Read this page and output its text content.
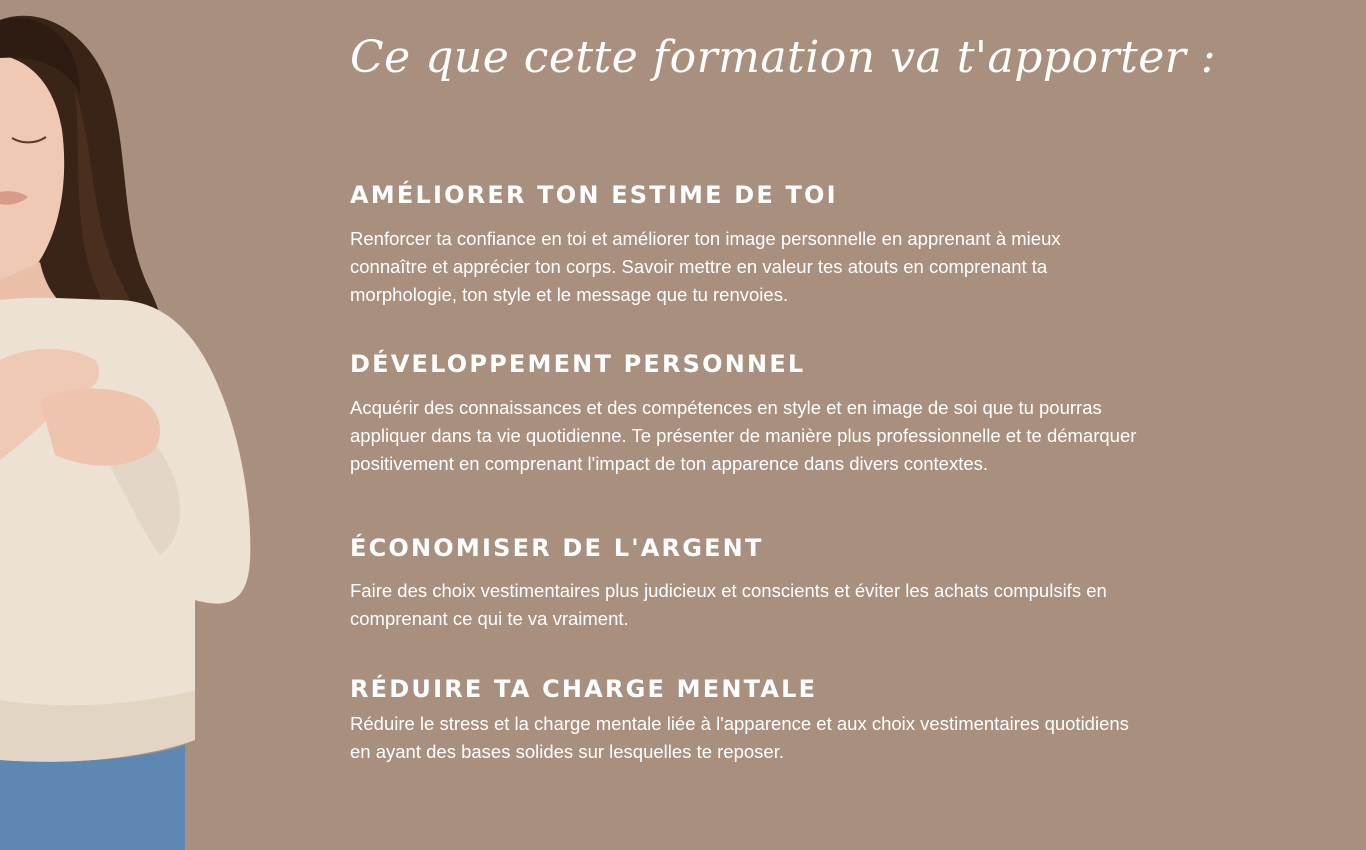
Ce que cette formation va t'apporter :
AMÉLIORER TON ESTIME DE TOI

Renforcer ta confiance en toi et améliorer ton image personnelle en apprenant à mieux connaître et apprécier ton corps. Savoir mettre en valeur tes atouts en comprenant ta morphologie, ton style et le message que tu renvoies.

DÉVELOPPEMENT PERSONNEL

Acquérir des connaissances et des compétences en style et en image de soi que tu pourras appliquer dans ta vie quotidienne. Te présenter de manière plus professionnelle et te démarquer positivement en comprenant l'impact de ton apparence dans divers contextes.

ÉCONOMISER DE L'ARGENT

Faire des choix vestimentaires plus judicieux et conscients et éviter les achats compulsifs en comprenant ce qui te va vraiment.

RÉDUIRE TA CHARGE MENTALE

Réduire le stress et la charge mentale liée à l'apparence et aux choix vestimentaires quotidiens en ayant des bases solides sur lesquelles te reposer.
